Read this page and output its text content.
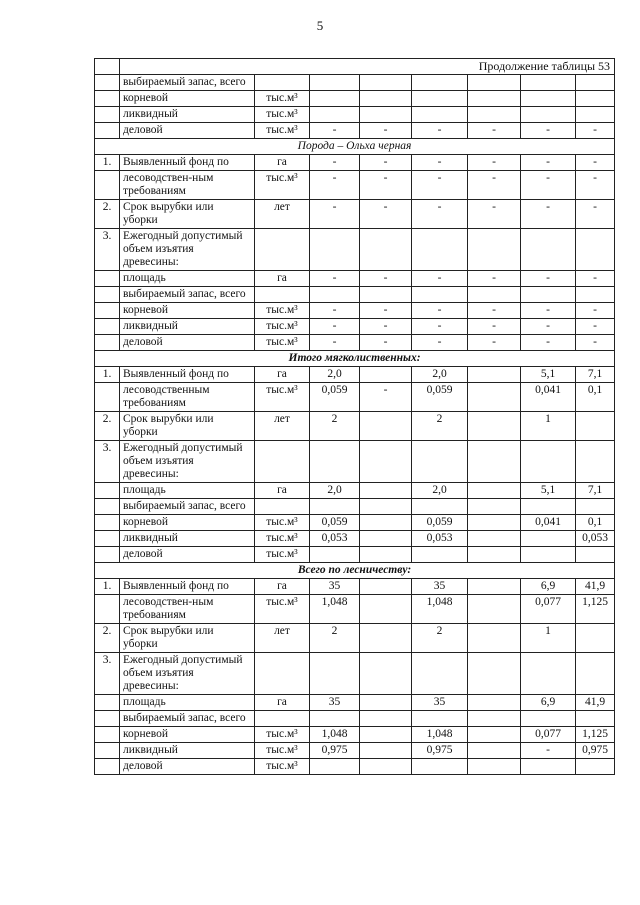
5
	Продолжение таблицы 53							
	выбираемый запас, всего							
	корневой	тыс.м³						
	ликвидный	тыс.м³						
	деловой	тыс.м³	-	-	-	-	-	-
Порода – Ольха черная								
1.	Выявленный фонд по	га	-	-	-	-	-	-
	лесоводствен-ным требованиям	тыс.м³	-	-	-	-	-	-
2.	Срок вырубки или уборки	лет	-	-	-	-	-	-
3.	Ежегодный допустимый объем изъятия древесины:							
	площадь	га	-	-	-	-	-	-
	выбираемый запас, всего							
	корневой	тыс.м³	-	-	-	-	-	-
	ликвидный	тыс.м³	-	-	-	-	-	-
	деловой	тыс.м³	-	-	-	-	-	-
Итого мягколиственных:								
1.	Выявленный фонд по	га	2,0		2,0		5,1	7,1
	лесоводственным требованиям	тыс.м³	0,059	-	0,059		0,041	0,1
2.	Срок вырубки или уборки	лет	2		2		1	
3.	Ежегодный допустимый объем изъятия древесины:							
	площадь	га	2,0		2,0		5,1	7,1
	выбираемый запас, всего							
	корневой	тыс.м³	0,059		0,059		0,041	0,1
	ликвидный	тыс.м³	0,053		0,053			0,053
	деловой	тыс.м³						
Всего по лесничеству:								
1.	Выявленный фонд по	га	35		35		6,9	41,9
	лесоводствен-ным требованиям	тыс.м³	1,048		1,048		0,077	1,125
2.	Срок вырубки или уборки	лет	2		2		1	
3.	Ежегодный допустимый объем изъятия древесины:							
	площадь	га	35		35		6,9	41,9
	выбираемый запас, всего							
	корневой	тыс.м³	1,048		1,048		0,077	1,125
	ликвидный	тыс.м³	0,975		0,975		-	0,975
	деловой	тыс.м³						
